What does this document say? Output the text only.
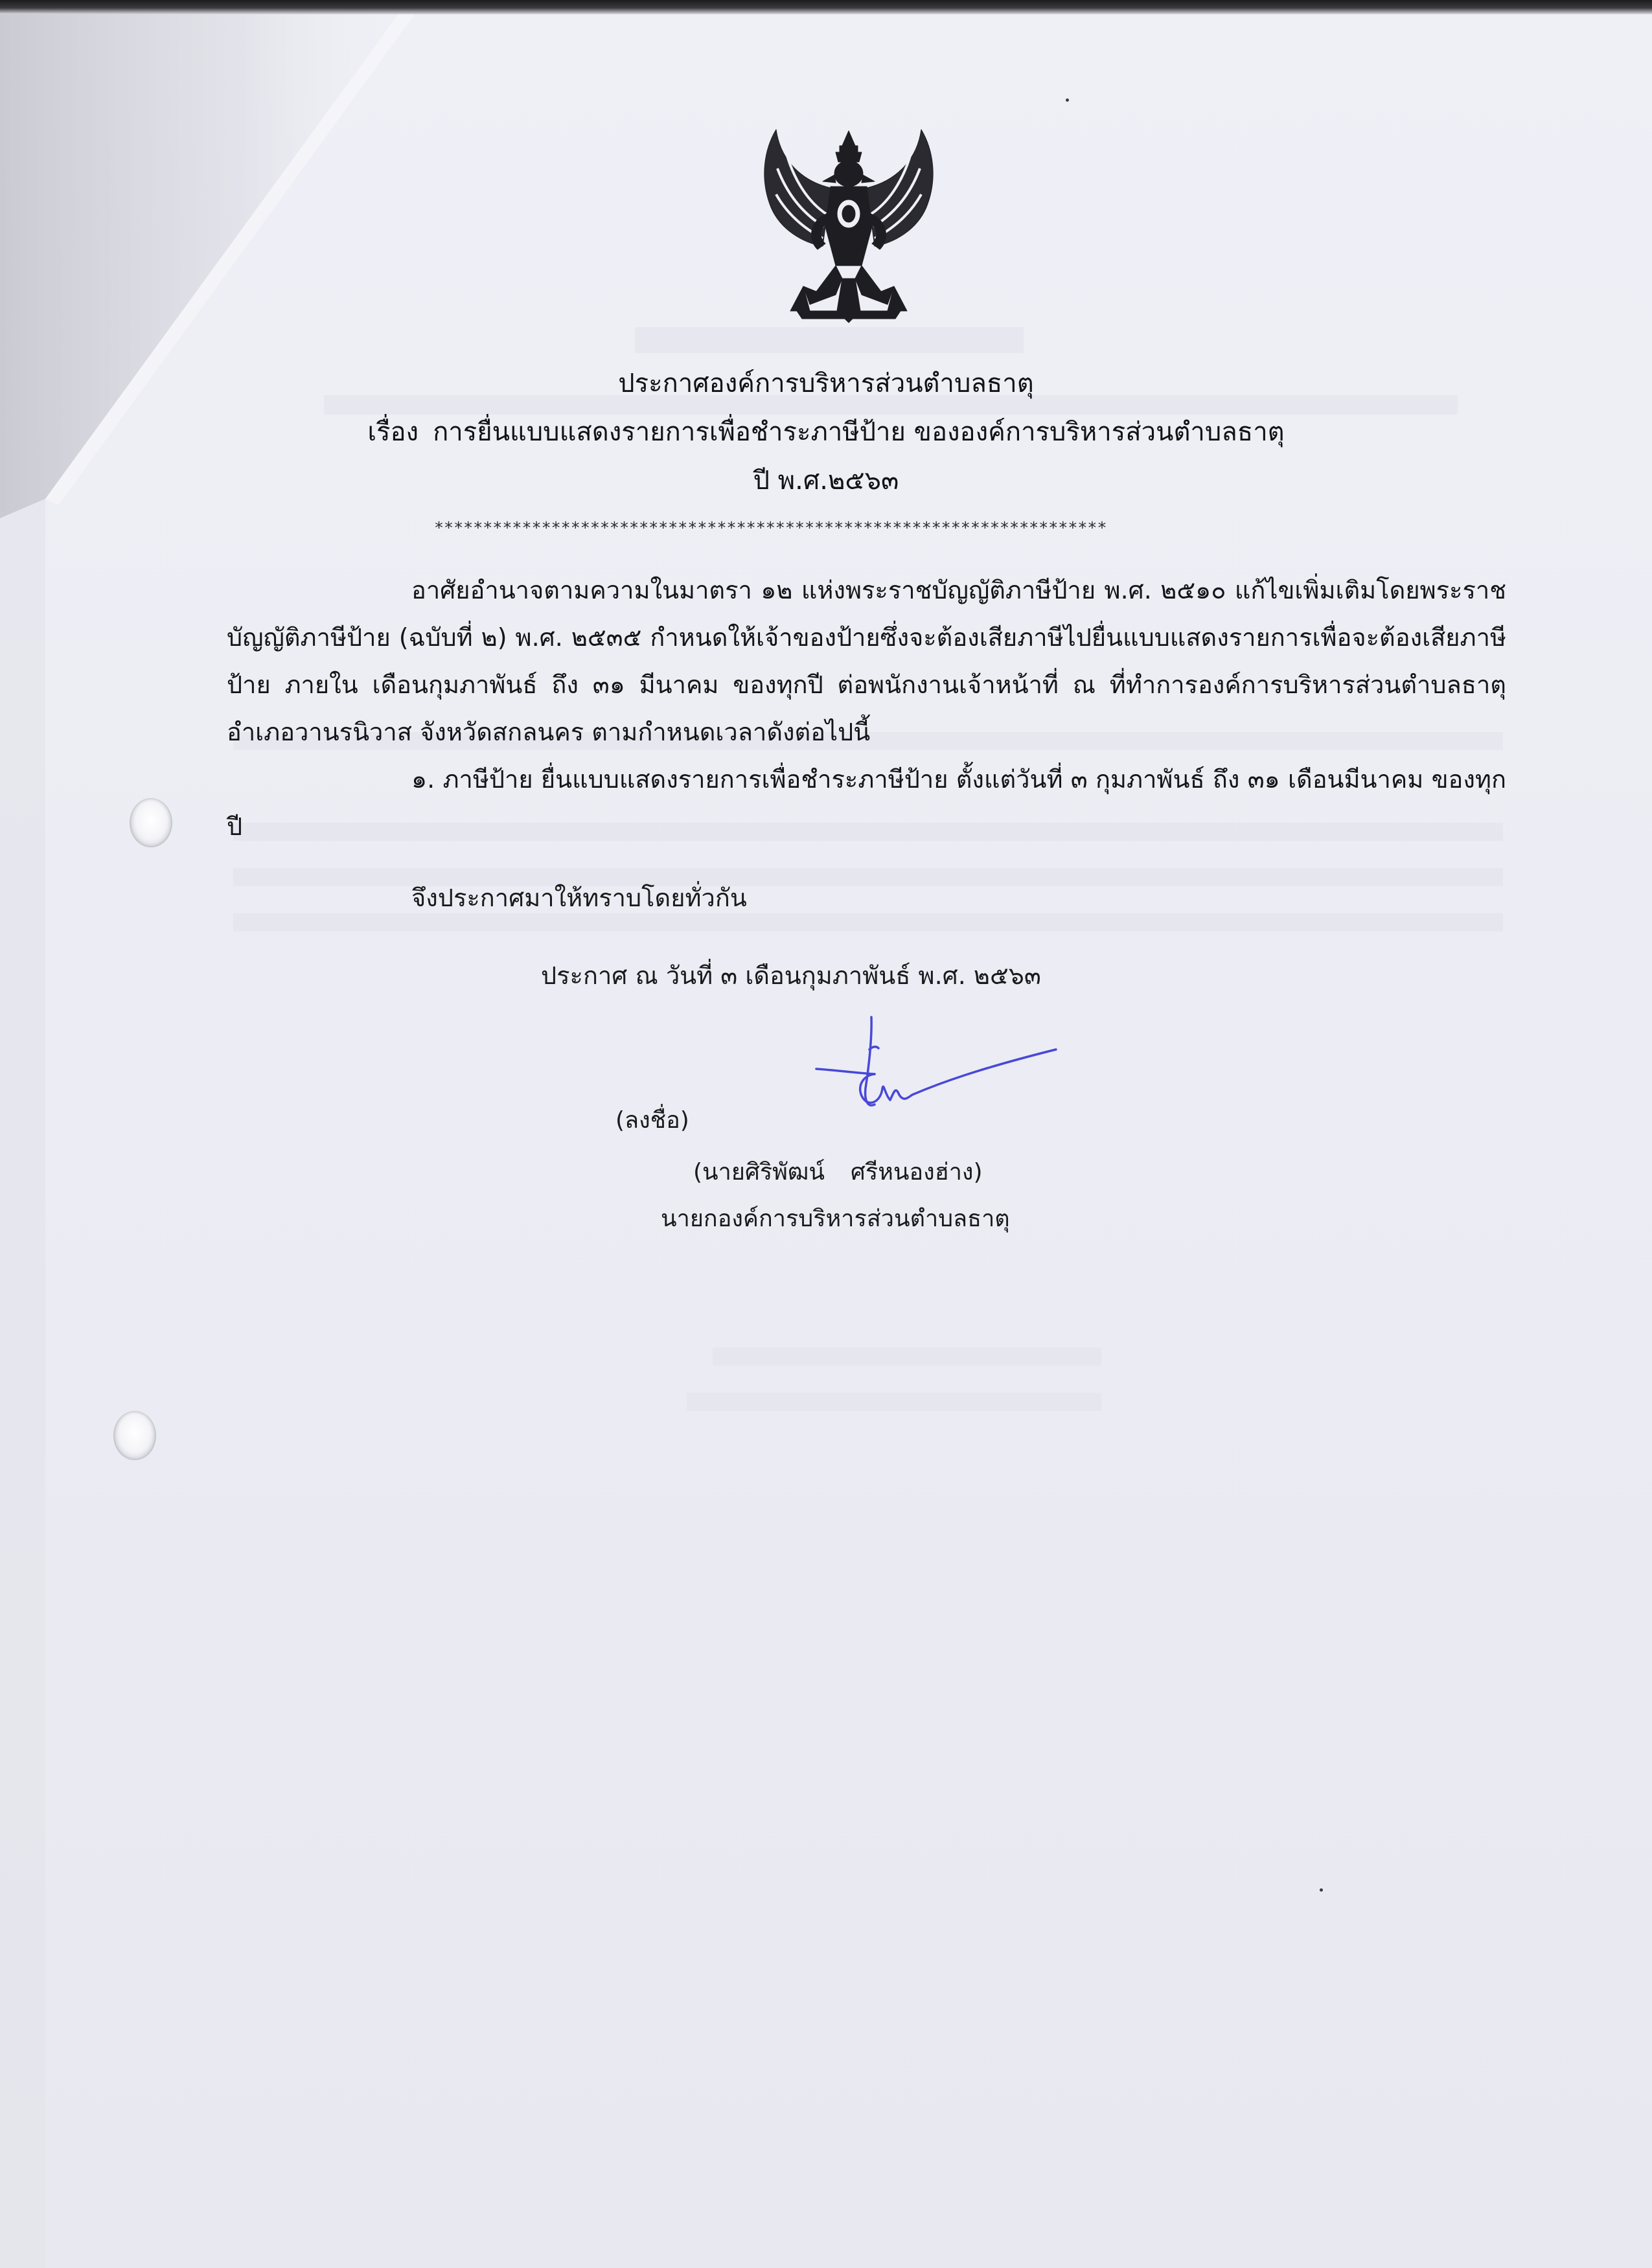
ประกาศองค์การบริหารส่วนตำบลธาตุ
เรื่อง การยื่นแบบแสดงรายการเพื่อชำระภาษีป้าย ขององค์การบริหารส่วนตำบลธาตุ
ปี พ.ศ.๒๕๖๓
*********************************************************************

อาศัยอำนาจตามความในมาตรา ๑๒ แห่งพระราชบัญญัติภาษีป้าย พ.ศ. ๒๕๑๐ แก้ไขเพิ่มเติมโดยพระราชบัญญัติภาษีป้าย (ฉบับที่ ๒) พ.ศ. ๒๕๓๕ กำหนดให้เจ้าของป้ายซึ่งจะต้องเสียภาษีไปยื่นแบบแสดงรายการเพื่อจะต้องเสียภาษีป้าย ภายใน เดือนกุมภาพันธ์ ถึง ๓๑ มีนาคม ของทุกปี ต่อพนักงานเจ้าหน้าที่ ณ ที่ทำการองค์การบริหารส่วนตำบลธาตุ อำเภอวานรนิวาส จังหวัดสกลนคร ตามกำหนดเวลาดังต่อไปนี้

๑. ภาษีป้าย ยื่นแบบแสดงรายการเพื่อชำระภาษีป้าย ตั้งแต่วันที่ ๓ กุมภาพันธ์ ถึง ๓๑ เดือนมีนาคม ของทุกปี

จึงประกาศมาให้ทราบโดยทั่วกัน
ประกาศ ณ วันที่ ๓ เดือนกุมภาพันธ์ พ.ศ. ๒๕๖๓
(ลงชื่อ)
(นายศิริพัฒน์ ศรีหนองฮ่าง)
นายกองค์การบริหารส่วนตำบลธาตุ
